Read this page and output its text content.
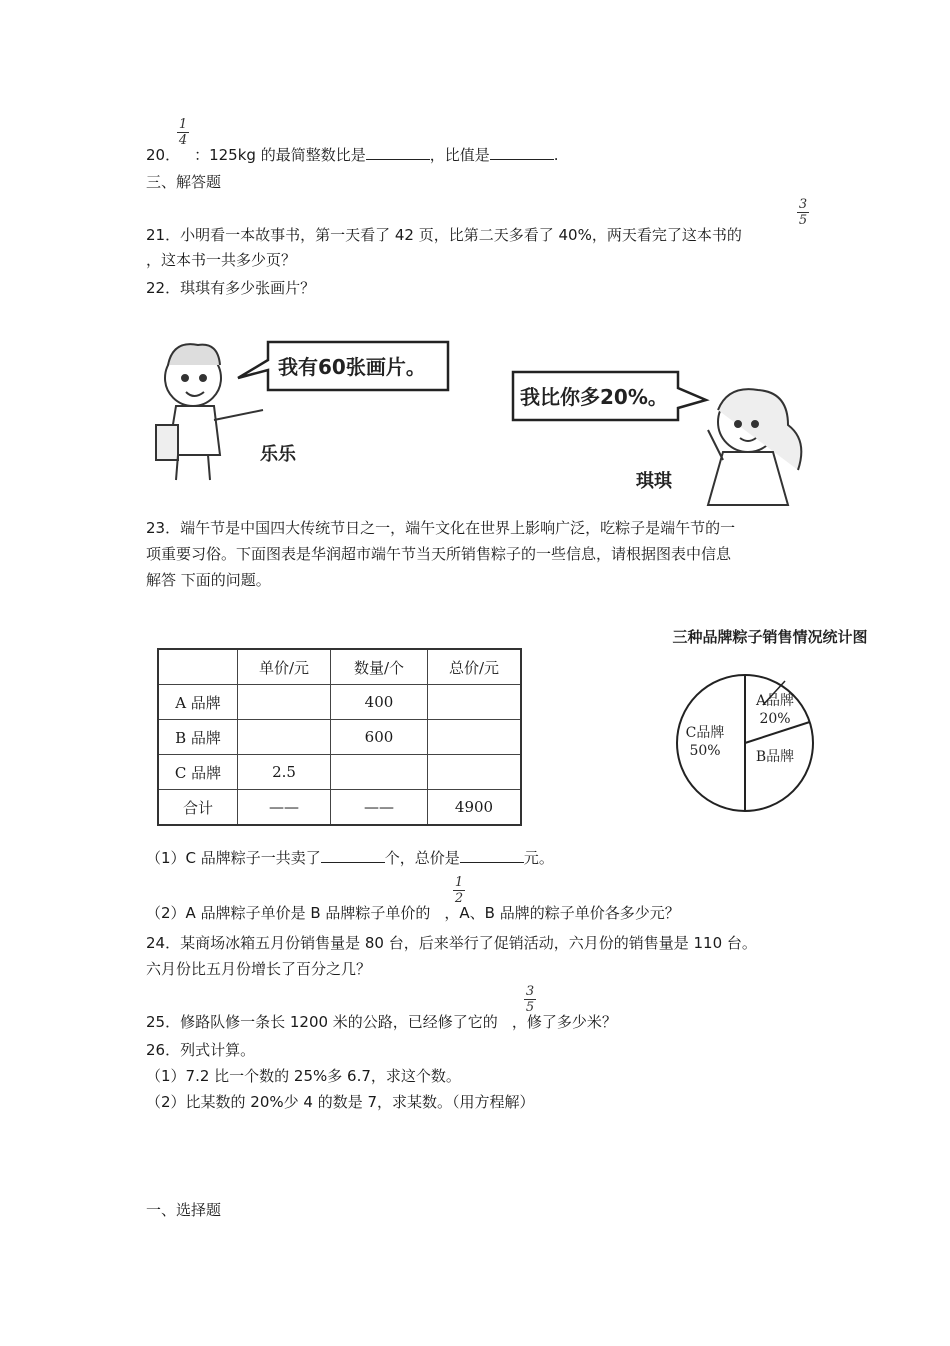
20． ：125kg 的最简整数比是	，比值是	.
1
4
三、解答题
21．小明看一本故事书，第一天看了 42 页，比第二天多看了 40%，两天看完了这本书的
3
5
，这本书一共多少页？
22．琪琪有多少张画片？
我有60张画片。
乐乐
我比你多20%。
琪琪
23．端午节是中国四大传统节日之一，端午文化在世界上影响广泛，吃粽子是端午节的一
项重要习俗。下面图表是华润超市端午节当天所销售粽子的一些信息，请根据图表中信息
解答 下面的问题。
	单价/元	数量/个	总价/元
A 品牌		400	
B 品牌		600	
C 品牌	2.5		
合计	——	——	4900
三种品牌粽子销售情况统计图
A品牌
20%
B品牌
C品牌
50%
（1）C 品牌粽子一共卖了	个，总价是	元。
（2）A 品牌粽子单价是 B 品牌粽子单价的 ，A、B 品牌的粽子单价各多少元？
1
2
24．某商场冰箱五月份销售量是 80 台，后来举行了促销活动，六月份的销售量是 110 台。
六月份比五月份增长了百分之几？
25．修路队修一条长 1200 米的公路，已经修了它的 ，修了多少米？
3
5
26．列式计算。
（1）7.2 比一个数的 25%多 6.7，求这个数。
（2）比某数的 20%少 4 的数是 7，求某数。（用方程解）
一、选择题
